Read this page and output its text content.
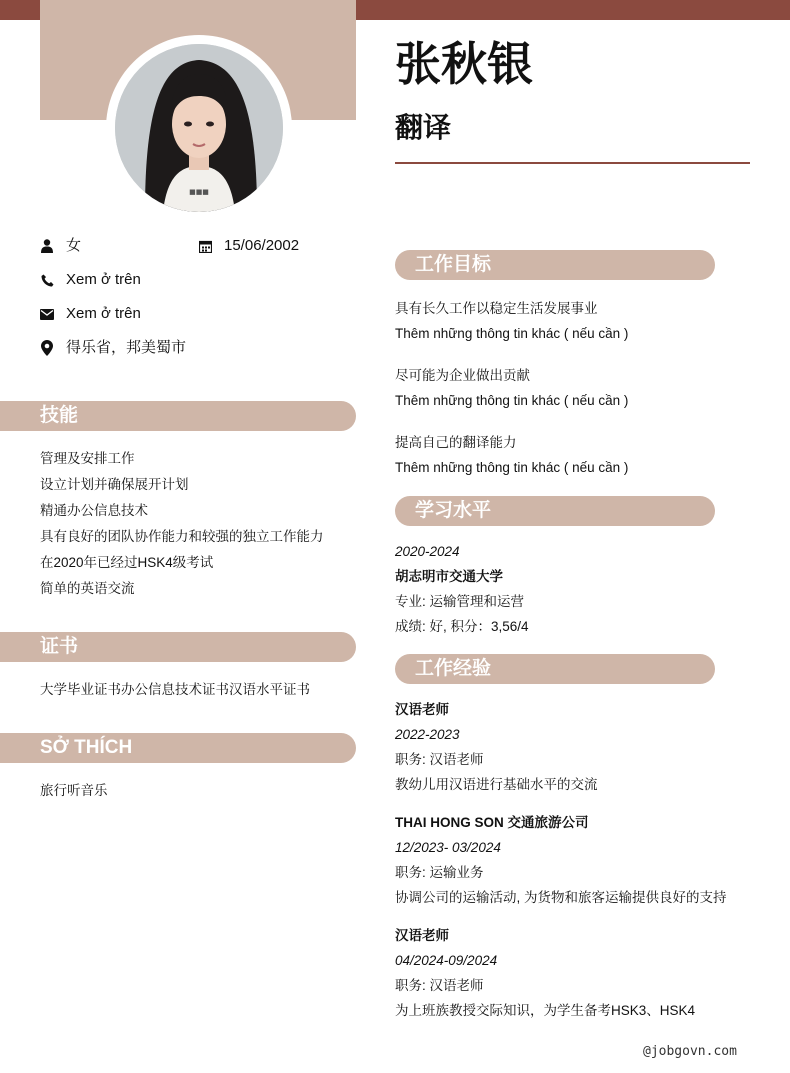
■■■
张秋银
翻译
女	15/06/2002
Xem ở trên
Xem ở trên
得乐省，邦美蜀市
技能
管理及安排工作
设立计划并确保展开计划
精通办公信息技术
具有良好的团队协作能力和较强的独立工作能力
在2020年已经过HSK4级考试
简单的英语交流
证书
大学毕业证书办公信息技术证书汉语水平证书
SỞ THÍCH
旅行听音乐
工作目标
具有长久工作以稳定生活发展事业
Thêm những thông tin khác ( nếu cần )
尽可能为企业做出贡献
Thêm những thông tin khác ( nếu cần )
提高自己的翻译能力
Thêm những thông tin khác ( nếu cần )
学习水平
2020-2024
胡志明市交通大学
专业: 运输管理和运营
成绩: 好, 积分：3,56/4
工作经验
汉语老师
2022-2023
职务: 汉语老师
教幼儿用汉语进行基础水平的交流
THAI HONG SON 交通旅游公司
12/2023- 03/2024
职务: 运输业务
协调公司的运输活动, 为货物和旅客运输提供良好的支持
汉语老师
04/2024-09/2024
职务: 汉语老师
为上班族教授交际知识，为学生备考HSK3、HSK4
@jobgovn.com
